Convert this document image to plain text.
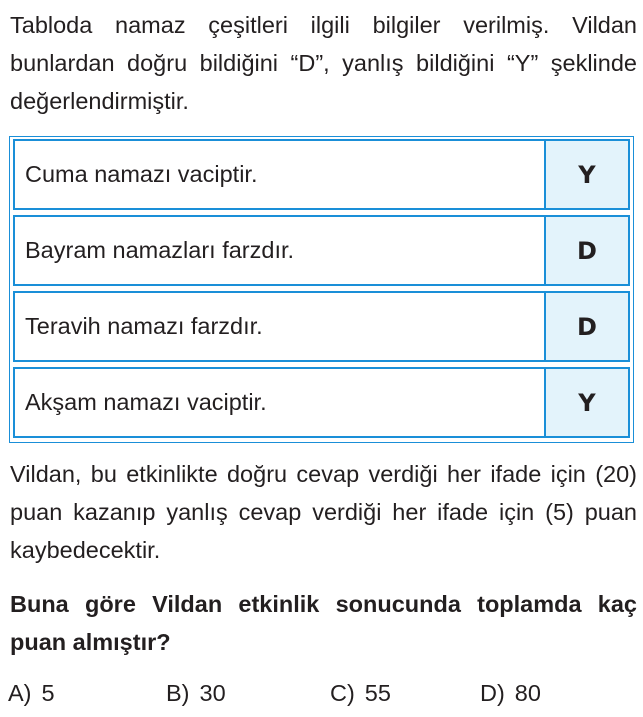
Tabloda namaz çeşitleri ilgili bilgiler verilmiş. Vildan bunlardan doğru bildiğini “D”, yanlış bildiğini “Y” şeklinde değerlendirmiştir.

Cuma namazı vaciptir.	Y
Bayram namazları farzdır.	D
Teravih namazı farzdır.	D
Akşam namazı vaciptir.	Y

Vildan, bu etkinlikte doğru cevap verdiği her ifade için (20) puan kazanıp yanlış cevap verdiği her ifade için (5) puan kaybedecektir.

Buna göre Vildan etkinlik sonucunda toplamda kaç puan almıştır?

A) 5	B) 30	C) 55	D) 80
